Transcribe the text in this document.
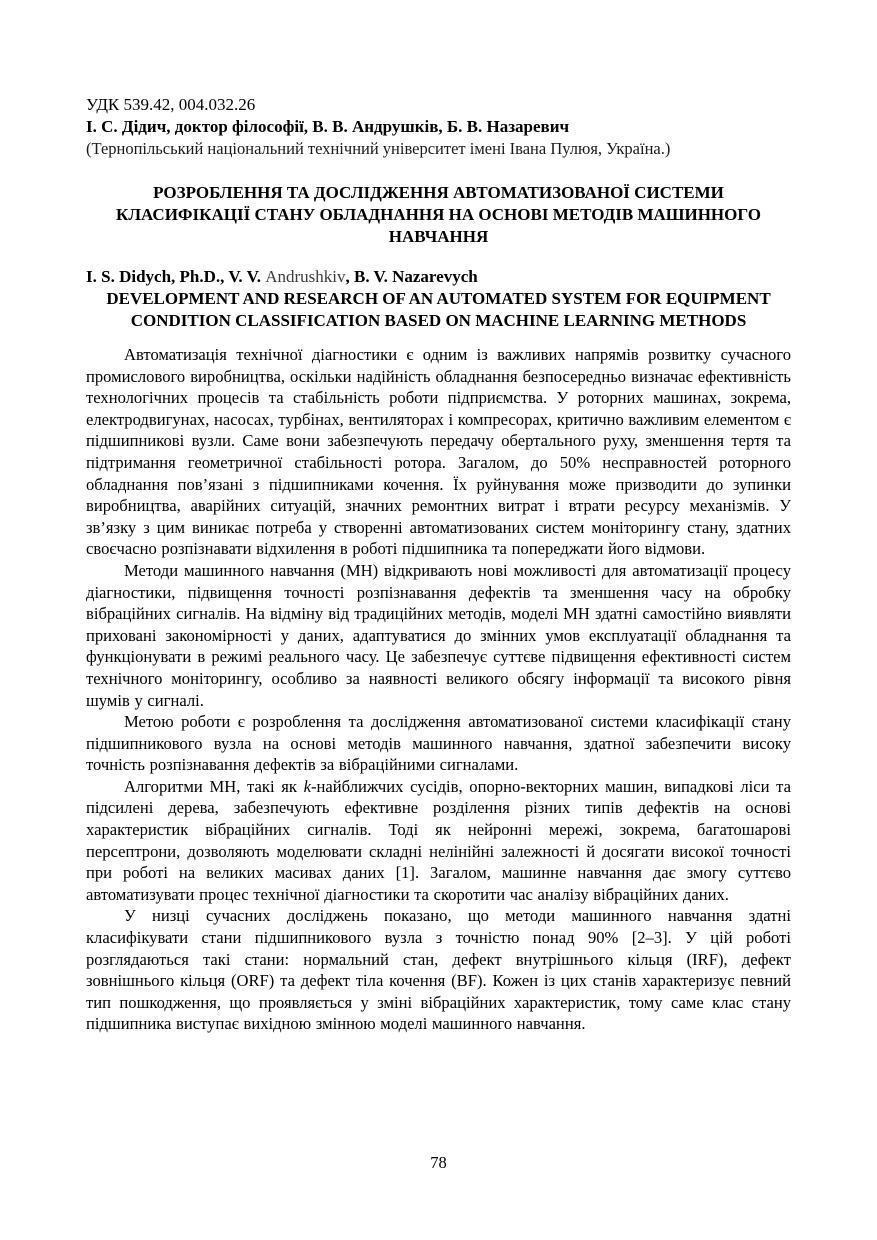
УДК 539.42, 004.032.26
І. С. Дідич, доктор філософії, В. В. Андрушків, Б. В. Назаревич
(Тернопільський національний технічний університет імені Івана Пулюя, Україна.)
РОЗРОБЛЕННЯ ТА ДОСЛІДЖЕННЯ АВТОМАТИЗОВАНОЇ СИСТЕМИ КЛАСИФІКАЦІЇ СТАНУ ОБЛАДНАННЯ НА ОСНОВІ МЕТОДІВ МАШИННОГО НАВЧАННЯ
I. S. Didych, Ph.D., V. V. Andrushkiv, B. V. Nazarevych
DEVELOPMENT AND RESEARCH OF AN AUTOMATED SYSTEM FOR EQUIPMENT CONDITION CLASSIFICATION BASED ON MACHINE LEARNING METHODS

Автоматизація технічної діагностики є одним із важливих напрямів розвитку сучасного промислового виробництва, оскільки надійність обладнання безпосередньо визначає ефективність технологічних процесів та стабільність роботи підприємства. У роторних машинах, зокрема, електродвигунах, насосах, турбінах, вентиляторах і компресорах, критично важливим елементом є підшипникові вузли. Саме вони забезпечують передачу обертального руху, зменшення тертя та підтримання геометричної стабільності ротора. Загалом, до 50% несправностей роторного обладнання пов’язані з підшипниками кочення. Їх руйнування може призводити до зупинки виробництва, аварійних ситуацій, значних ремонтних витрат і втрати ресурсу механізмів. У зв’язку з цим виникає потреба у створенні автоматизованих систем моніторингу стану, здатних своєчасно розпізнавати відхилення в роботі підшипника та попереджати його відмови.

Методи машинного навчання (МН) відкривають нові можливості для автоматизації процесу діагностики, підвищення точності розпізнавання дефектів та зменшення часу на обробку вібраційних сигналів. На відміну від традиційних методів, моделі МН здатні самостійно виявляти приховані закономірності у даних, адаптуватися до змінних умов експлуатації обладнання та функціонувати в режимі реального часу. Це забезпечує суттєве підвищення ефективності систем технічного моніторингу, особливо за наявності великого обсягу інформації та високого рівня шумів у сигналі.

Метою роботи є розроблення та дослідження автоматизованої системи класифікації стану підшипникового вузла на основі методів машинного навчання, здатної забезпечити високу точність розпізнавання дефектів за вібраційними сигналами.

Алгоритми МН, такі як k-найближчих сусідів, опорно-векторних машин, випадкові ліси та підсилені дерева, забезпечують ефективне розділення різних типів дефектів на основі характеристик вібраційних сигналів. Тоді як нейронні мережі, зокрема, багатошарові персептрони, дозволяють моделювати складні нелінійні залежності й досягати високої точності при роботі на великих масивах даних [1]. Загалом, машинне навчання дає змогу суттєво автоматизувати процес технічної діагностики та скоротити час аналізу вібраційних даних.

У низці сучасних досліджень показано, що методи машинного навчання здатні класифікувати стани підшипникового вузла з точністю понад 90% [2–3]. У цій роботі розглядаються такі стани: нормальний стан, дефект внутрішнього кільця (IRF), дефект зовнішнього кільця (ORF) та дефект тіла кочення (BF). Кожен із цих станів характеризує певний тип пошкодження, що проявляється у зміні вібраційних характеристик, тому саме клас стану підшипника виступає вихідною змінною моделі машинного навчання.

78
